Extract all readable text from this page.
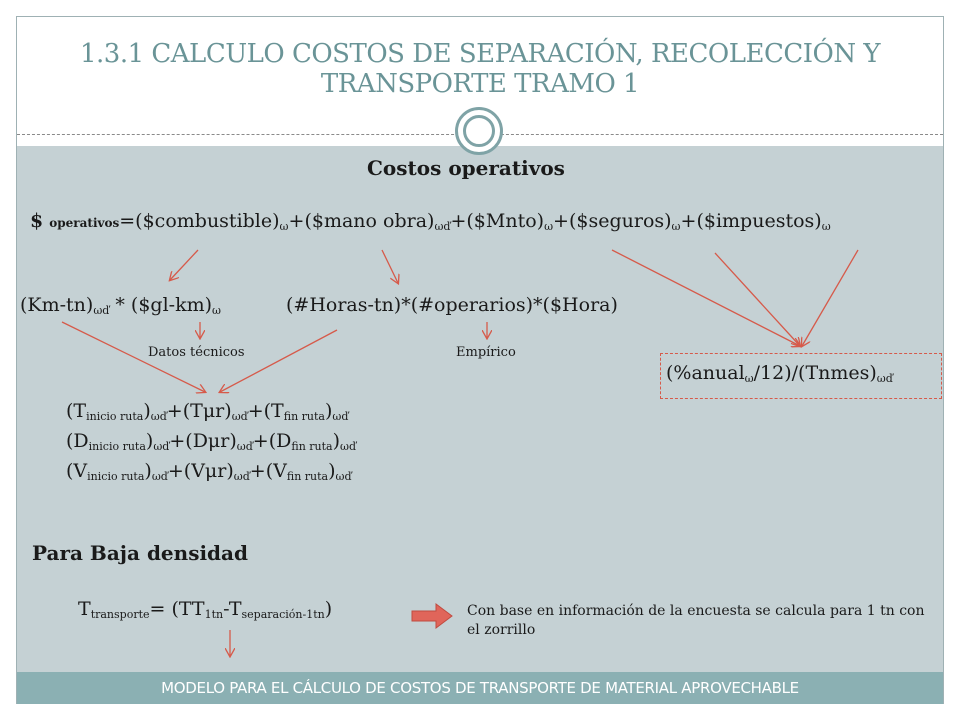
1.3.1 CALCULO COSTOS DE SEPARACIÓN, RECOLECCIÓN Y TRANSPORTE TRAMO 1
Costos operativos
$ $operativos=(\$combustible)_\omega+(\$mano$ $obra)_{\omega ď}+(\$Mnto)_\omega+(\$seguros)_\omega+(\$impuestos)_\omega$
$(Km-tn)_{\omega ď}$ * $(\$gl-km)_\omega$	(#Horas-tn)*(#operarios)*($Hora)
Datos técnicos	Empírico
$(\%anual_\omega/12)/(Tnmes)_{\omega ď}$
$(T_{inicio ruta})_{\omega ď}+(T\mu r)_{\omega ď}+(T_{fin ruta})_{\omega ď}$
$(D_{inicio ruta})_{\omega ď}+(D\mu r)_{\omega ď}+(D_{fin ruta})_{\omega ď}$
$(V_{inicio ruta})_{\omega ď}+(V\mu r)_{\omega ď}+(V_{fin ruta})_{\omega ď}$
Para Baja densidad
$T_{transporte}= (TT_{1tn}-T_{separación-1tn})$	Con base en información de la encuesta se calcula para 1 tn con el zorrillo
MODELO PARA EL CÁLCULO DE COSTOS DE TRANSPORTE DE MATERIAL APROVECHABLE
